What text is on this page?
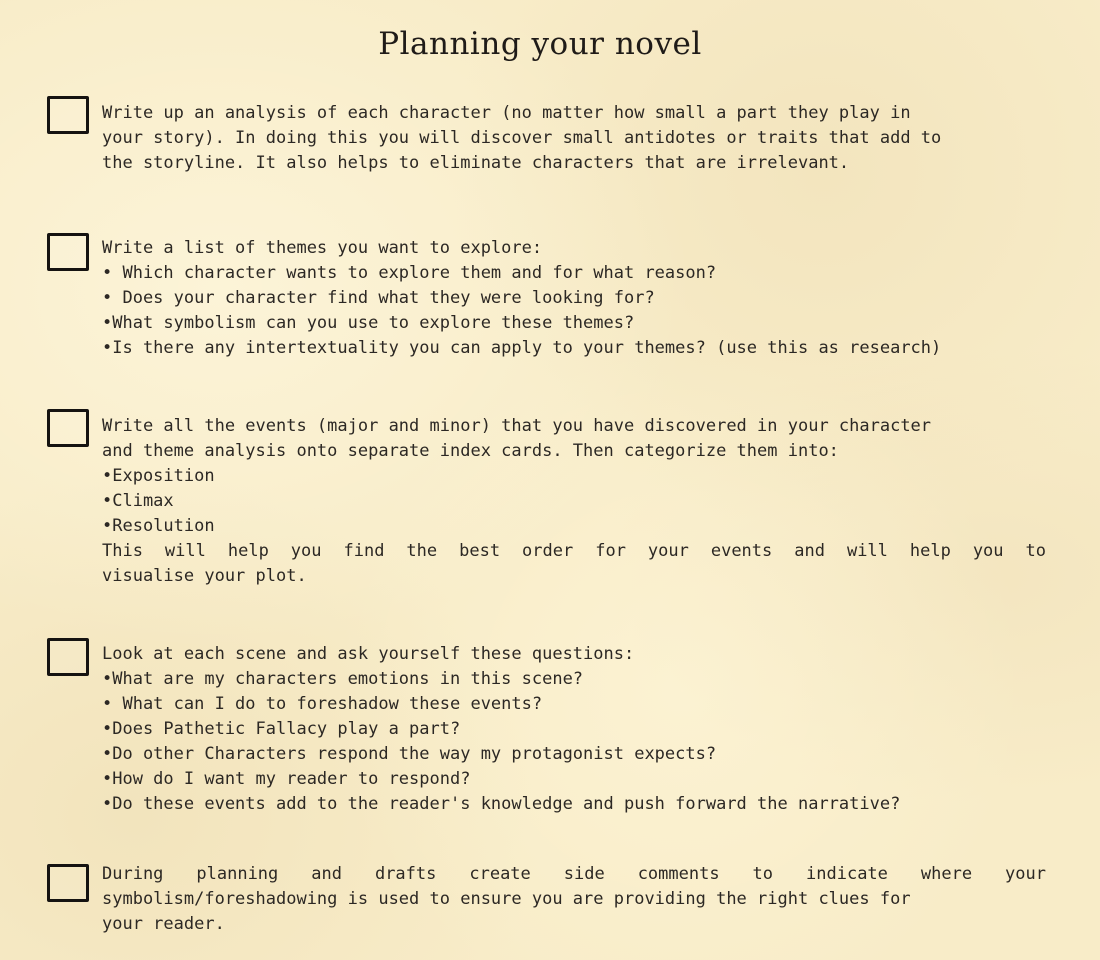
Planning your novel
Write up an analysis of each character (no matter how small a part they play in
your story). In doing this you will discover small antidotes or traits that add to
the storyline. It also helps to eliminate characters that are irrelevant.
Write a list of themes you want to explore:
• Which character wants to explore them and for what reason?
• Does your character find what they were looking for?
•What symbolism can you use to explore these themes?
•Is there any intertextuality you can apply to your themes? (use this as research)
Write all the events (major and minor) that you have discovered in your character
and theme analysis onto separate index cards. Then categorize them into:
•Exposition
•Climax
•Resolution
This will help you find the best order for your events and will help you to
visualise your plot.
Look at each scene and ask yourself these questions:
•What are my characters emotions in this scene?
• What can I do to foreshadow these events?
•Does Pathetic Fallacy play a part?
•Do other Characters respond the way my protagonist expects?
•How do I want my reader to respond?
•Do these events add to the reader's knowledge and push forward the narrative?
During planning and drafts create side comments to indicate where your
symbolism/foreshadowing is used to ensure you are providing the right clues for
your reader.
